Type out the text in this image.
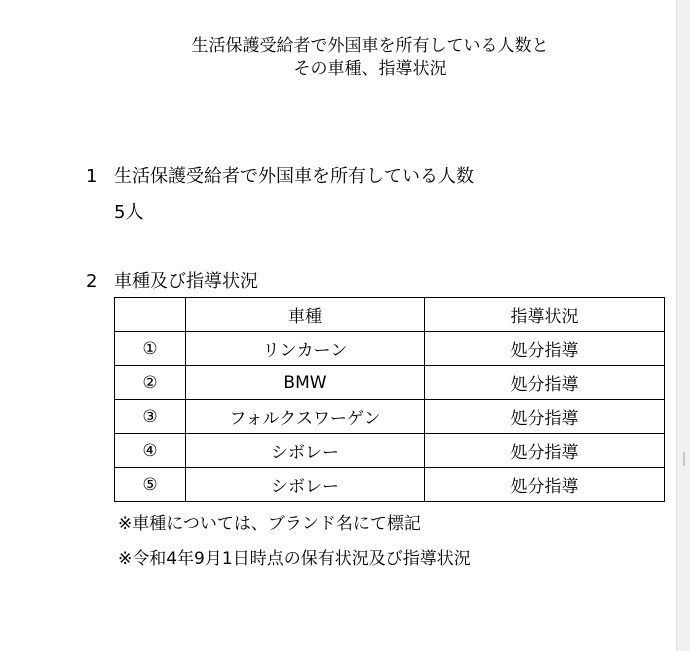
生活保護受給者で外国車を所有している人数と
その車種、指導状況
1 生活保護受給者で外国車を所有している人数
5人
2 車種及び指導状況
	車種	指導状況
①	リンカーン	処分指導
②	BMW	処分指導
③	フォルクスワーゲン	処分指導
④	シボレー	処分指導
⑤	シボレー	処分指導
※車種については、ブランド名にて標記
※令和4年9月1日時点の保有状況及び指導状況
